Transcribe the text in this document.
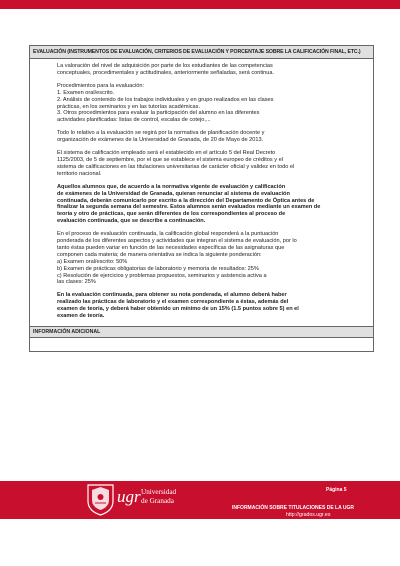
EVALUACIÓN (INSTRUMENTOS DE EVALUACIÓN, CRITERIOS DE EVALUACIÓN Y PORCENTAJE SOBRE LA CALIFICACIÓN FINAL, ETC.)

La valoración del nivel de adquisición por parte de los estudiantes de las competencias
conceptuales, procedimentales y actitudinales, anteriormente señaladas, será continua.

Procedimientos para la evaluación:
1. Examen oral/escrito.
2. Análisis de contenido de los trabajos individuales y en grupo realizados en las clases
prácticas, en los seminarios y en las tutorías académicas.
3. Otros procedimientos para evaluar la participación del alumno en las diferentes
actividades planificadas: listas de control, escalas de cotejo,...

Todo lo relativo a la evaluación se regirá por la normativa de planificación docente y
organización de exámenes de la Universidad de Granada, de 20 de Mayo de 2013.

El sistema de calificación empleado será el establecido en el artículo 5 del Real Decreto
1125/2003, de 5 de septiembre, por el que se establece el sistema europeo de créditos y el
sistema de calificaciones en las titulaciones universitarias de carácter oficial y validez en todo el
territorio nacional.

Aquellos alumnos que, de acuerdo a la normativa vigente de evaluación y calificación
de exámenes de la Universidad de Granada, quieran renunciar al sistema de evaluación
continuada, deberán comunicarlo por escrito a la dirección del Departamento de Óptica antes de
finalizar la segunda semana del semestre. Estos alumnos serán evaluados mediante un examen de
teoría y otro de prácticas, que serán diferentes de los correspondientes al proceso de
evaluación continuada, que se describe a continuación.

En el proceso de evaluación continuada, la calificación global responderá a la puntuación
ponderada de los diferentes aspectos y actividades que integran el sistema de evaluación, por lo
tanto éstas pueden variar en función de las necesidades específicas de las asignaturas que
componen cada materia; de manera orientativa se indica la siguiente ponderación:
a) Examen oral/escrito: 50%
b) Examen de prácticas obligatorias de laboratorio y memoria de resultados: 25%
c) Resolución de ejercicios y problemas propuestos, seminarios y asistencia activa a
las clases: 25%

En la evaluación continuada, para obtener su nota ponderada, el alumno deberá haber
realizado las prácticas de laboratorio y el examen correspondiente a éstas, además del
examen de teoría, y deberá haber obtenido un mínimo de un 15% (1.5 puntos sobre 5) en el
examen de teoría.

INFORMACIÓN ADICIONAL
ugr Universidad
de Granada
Página 5
INFORMACIÓN SOBRE TITULACIONES DE LA UGR
http://grados.ugr.es
